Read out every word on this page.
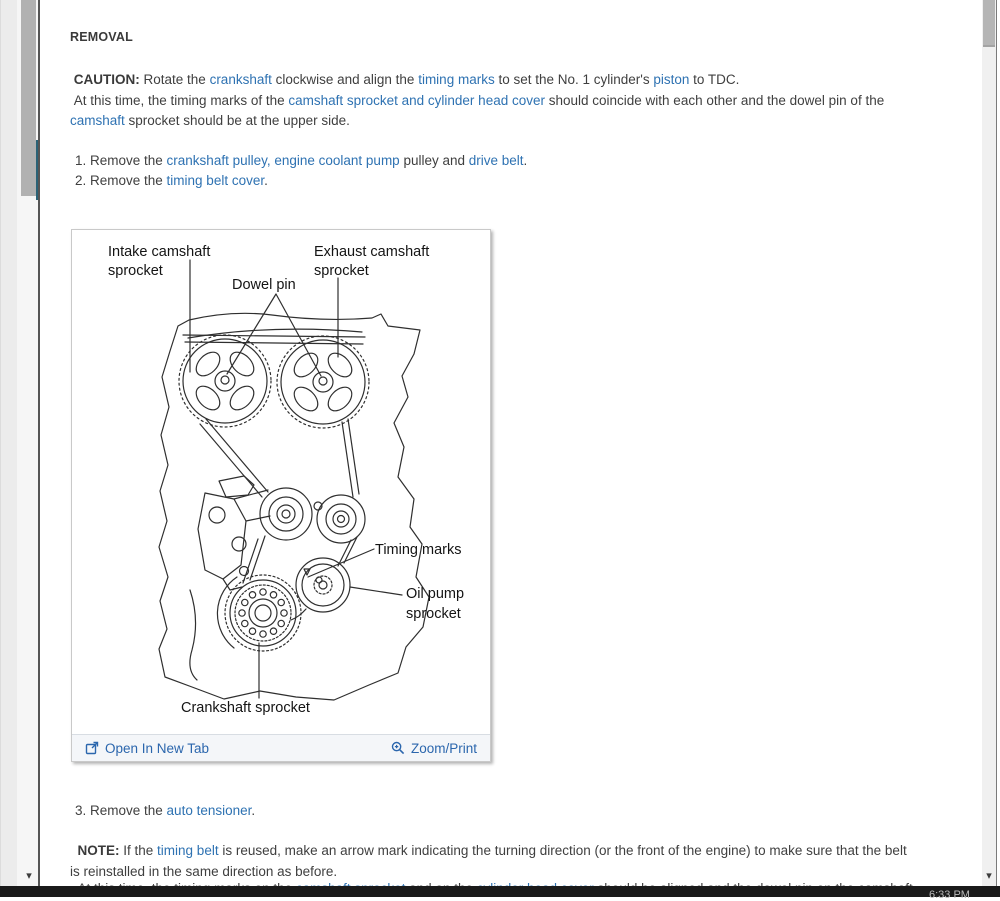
▾
REMOVAL
CAUTION: Rotate the crankshaft clockwise and align the timing marks to set the No. 1 cylinder's piston to TDC.
At this time, the timing marks of the camshaft sprocket and cylinder head cover should coincide with each other and the dowel pin of the
camshaft sprocket should be at the upper side.
1. Remove the crankshaft pulley, engine coolant pump pulley and drive belt.
2. Remove the timing belt cover.
Intake camshaft
sprocket
Exhaust camshaft
sprocket
Dowel pin
Timing marks
Oil pump
sprocket
Crankshaft sprocket
Open In New Tab	Zoom/Print
3. Remove the auto tensioner.
NOTE: If the timing belt is reused, make an arrow mark indicating the turning direction (or the front of the engine) to make sure that the belt
is reinstalled in the same direction as before.	▾
6:33 PM
